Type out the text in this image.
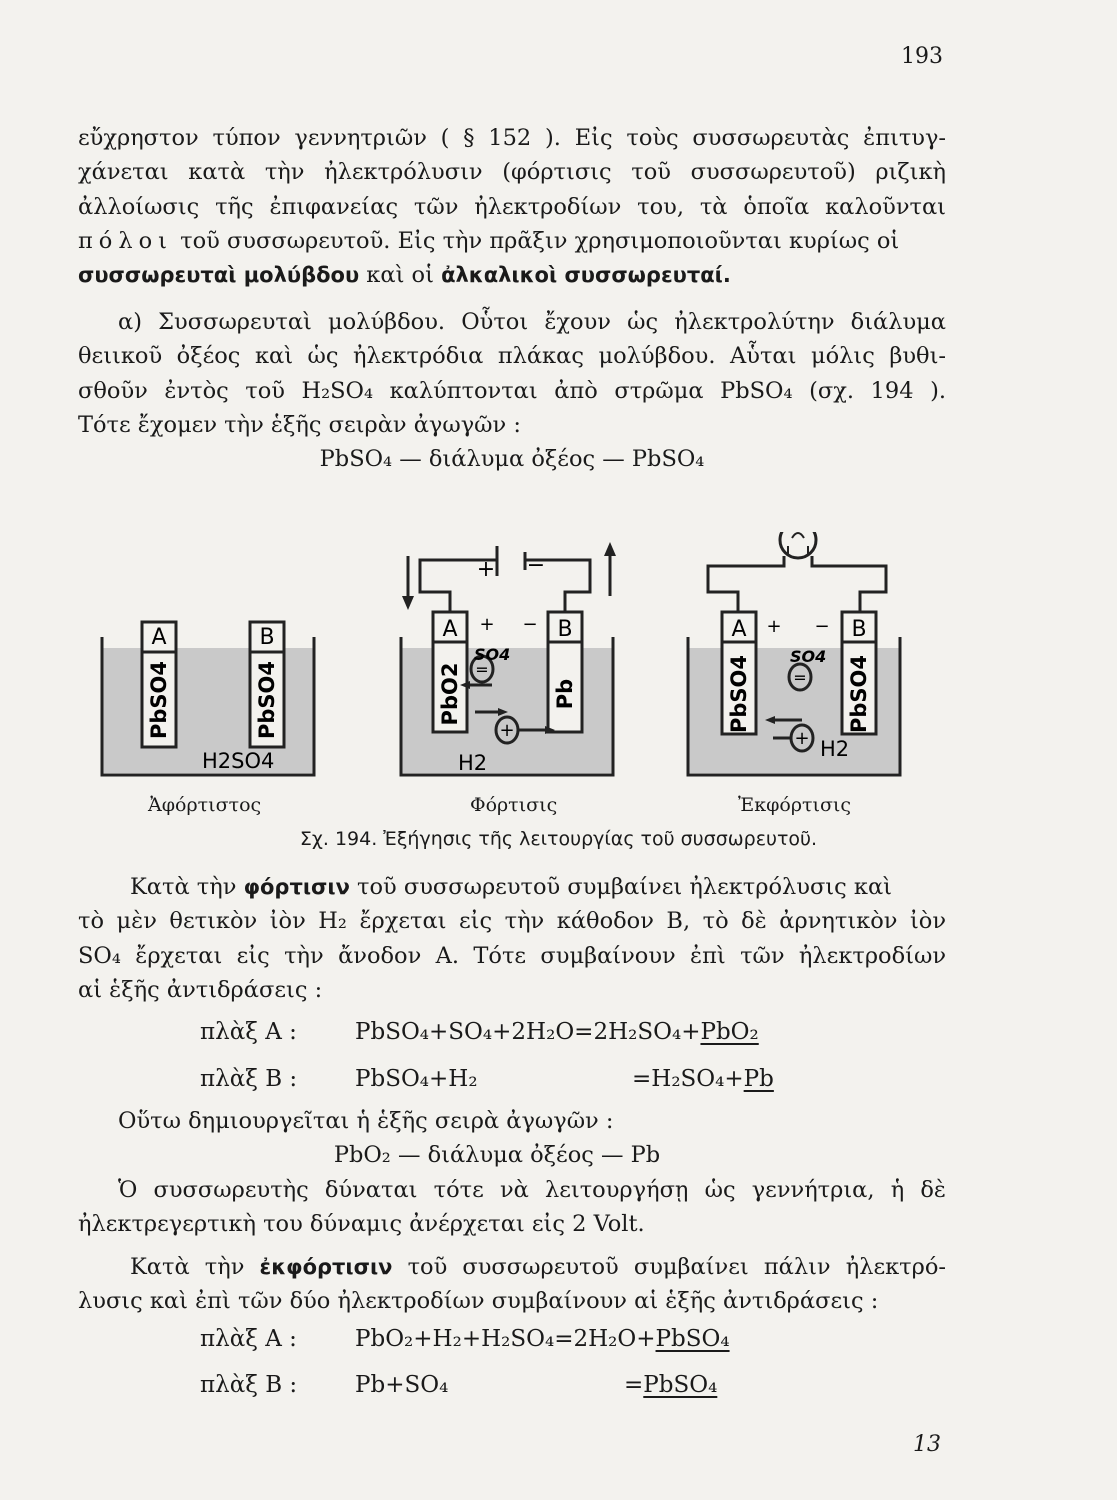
193
εὔχρηστον τύπον γεννητριῶν ( § 152 ). Εἰς τοὺς συσσωρευτὰς ἐπιτυγ-
χάνεται κατὰ τὴν ἠλεκτρόλυσιν (φόρτισις τοῦ συσσωρευτοῦ) ριζικὴ
ἀλλοίωσις τῆς ἐπιφανείας τῶν ἠλεκτροδίων του, τὰ ὁποῖα καλοῦνται
πόλοι τοῦ συσσωρευτοῦ. Εἰς τὴν πρᾶξιν χρησιμοποιοῦνται κυρίως οἱ
συσσωρευταὶ μολύβδου καὶ οἱ ἀλκαλικοὶ συσσωρευταί.
α) Συσσωρευταὶ μολύβδου. Οὗτοι ἔχουν ὡς ἠλεκτρολύτην διάλυμα
θειικοῦ ὀξέος καὶ ὡς ἠλεκτρόδια πλάκας μολύβδου. Αὗται μόλις βυθι-
σθοῦν ἐντὸς τοῦ H₂SO₄ καλύπτονται ἀπὸ στρῶμα PbSO₄ (σχ. 194 ).
Τότε ἔχομεν τὴν ἑξῆς σειρὰν ἀγωγῶν :
PbSO₄ — διάλυμα ὀξέος — PbSO₄
A	B
PbSO4	PbSO4
H2SO4
A	B
PbO2	Pb
+ −
+ −
SO4
=
+
H2
A	B
PbSO4	PbSO4
+ −
SO4
=
+ H2
Ἀφόρτιστος	Φόρτισις	Ἐκφόρτισις
Σχ. 194. Ἐξήγησις τῆς λειτουργίας τοῦ συσσωρευτοῦ.
Κατὰ τὴν φόρτισιν τοῦ συσσωρευτοῦ συμβαίνει ἠλεκτρόλυσις καὶ
τὸ μὲν θετικὸν ἰὸν H₂ ἔρχεται εἰς τὴν κάθοδον B, τὸ δὲ ἀρνητικὸν ἰὸν
SO₄ ἔρχεται εἰς τὴν ἄνοδον A. Τότε συμβαίνουν ἐπὶ τῶν ἠλεκτροδίων
αἱ ἑξῆς ἀντιδράσεις :
πλὰξ A :	PbSO₄+SO₄+2H₂O=2H₂SO₄+PbO₂
πλὰξ B :	PbSO₄+H₂	=H₂SO₄+Pb
Οὕτω δημιουργεῖται ἡ ἑξῆς σειρὰ ἀγωγῶν :
PbO₂ — διάλυμα ὀξέος — Pb
Ὁ συσσωρευτὴς δύναται τότε νὰ λειτουργήσῃ ὡς γεννήτρια, ἡ δὲ
ἠλεκτρεγερτικὴ του δύναμις ἀνέρχεται εἰς 2 Volt.
Κατὰ τὴν ἐκφόρτισιν τοῦ συσσωρευτοῦ συμβαίνει πάλιν ἠλεκτρό-
λυσις καὶ ἐπὶ τῶν δύο ἠλεκτροδίων συμβαίνουν αἱ ἑξῆς ἀντιδράσεις :
πλὰξ A :	PbO₂+H₂+H₂SO₄=2H₂O+PbSO₄
πλὰξ B :	Pb+SO₄	=PbSO₄
13
